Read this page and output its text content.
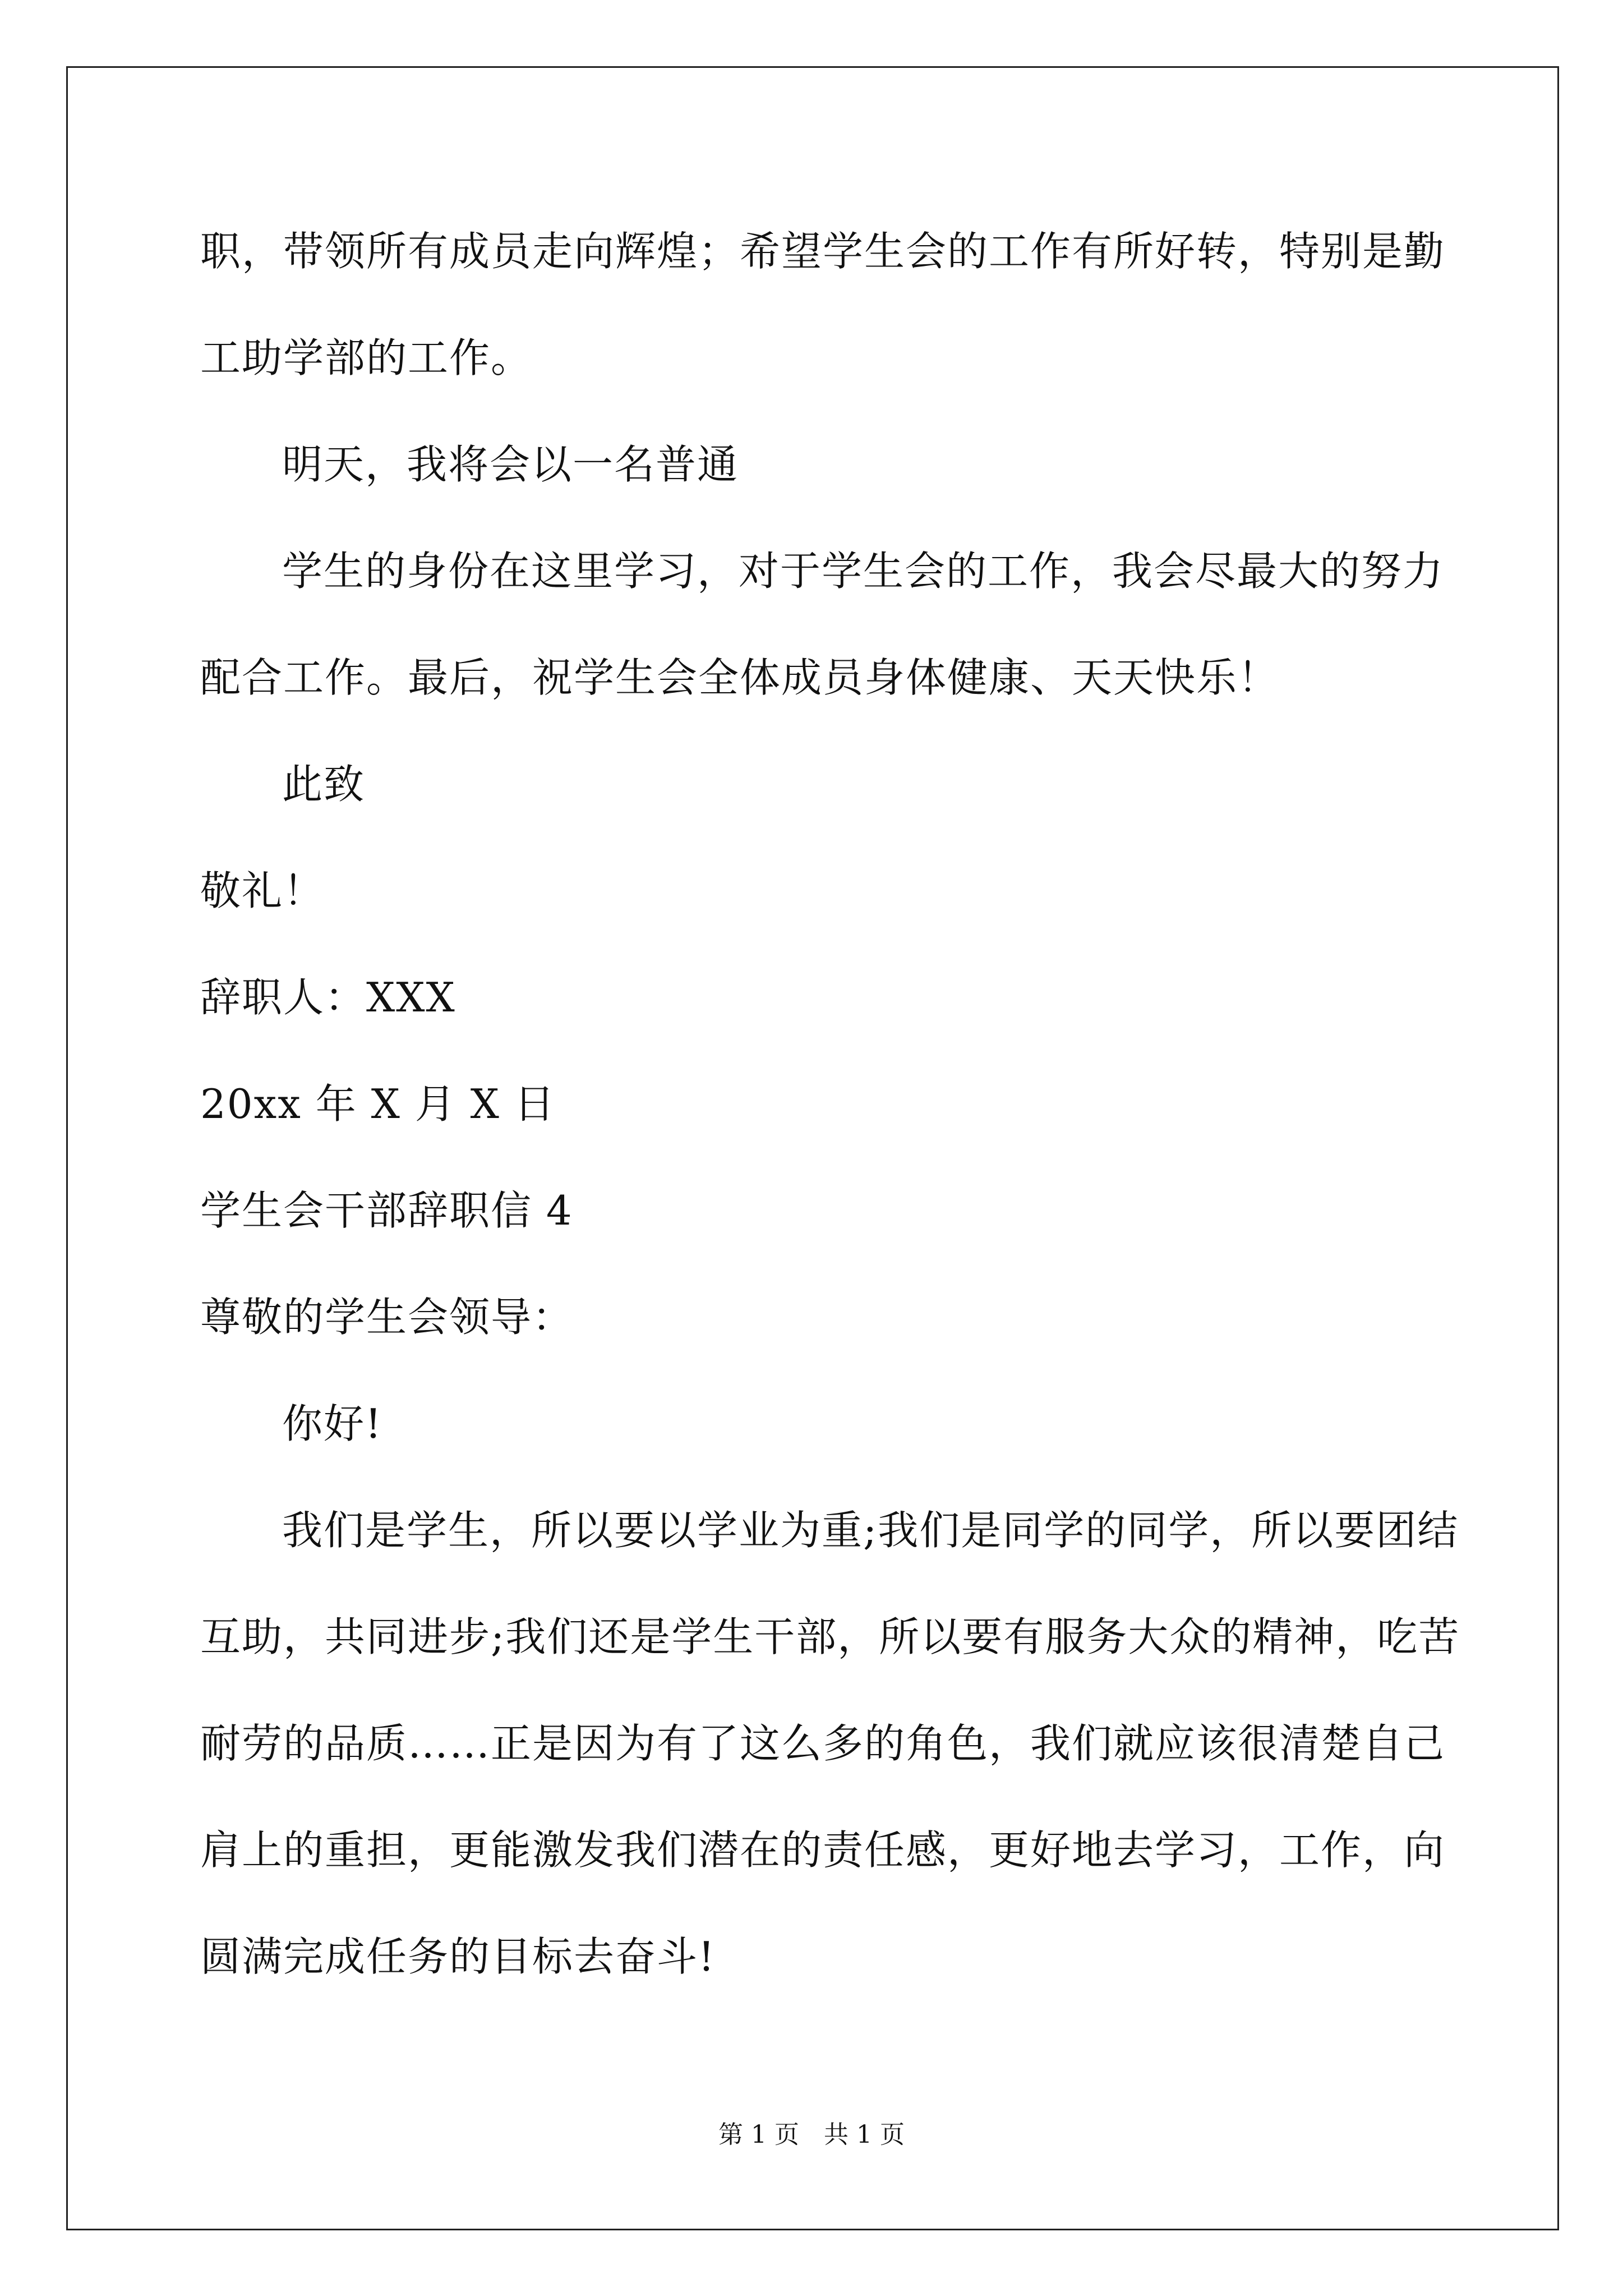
职，带领所有成员走向辉煌；希望学生会的工作有所好转，特别是勤
工助学部的工作。
明天，我将会以一名普通
学生的身份在这里学习，对于学生会的工作，我会尽最大的努力
配合工作。最后，祝学生会全体成员身体健康、天天快乐！
此致
敬礼！
辞职人：XXX
20xx 年 X 月 X 日
学生会干部辞职信 4
尊敬的学生会领导：
你好!
我们是学生，所以要以学业为重;我们是同学的同学，所以要团结
互助，共同进步;我们还是学生干部，所以要有服务大众的精神，吃苦
耐劳的品质……正是因为有了这么多的角色，我们就应该很清楚自己
肩上的重担，更能激发我们潜在的责任感，更好地去学习，工作，向
圆满完成任务的目标去奋斗!
第 1 页　共 1 页
